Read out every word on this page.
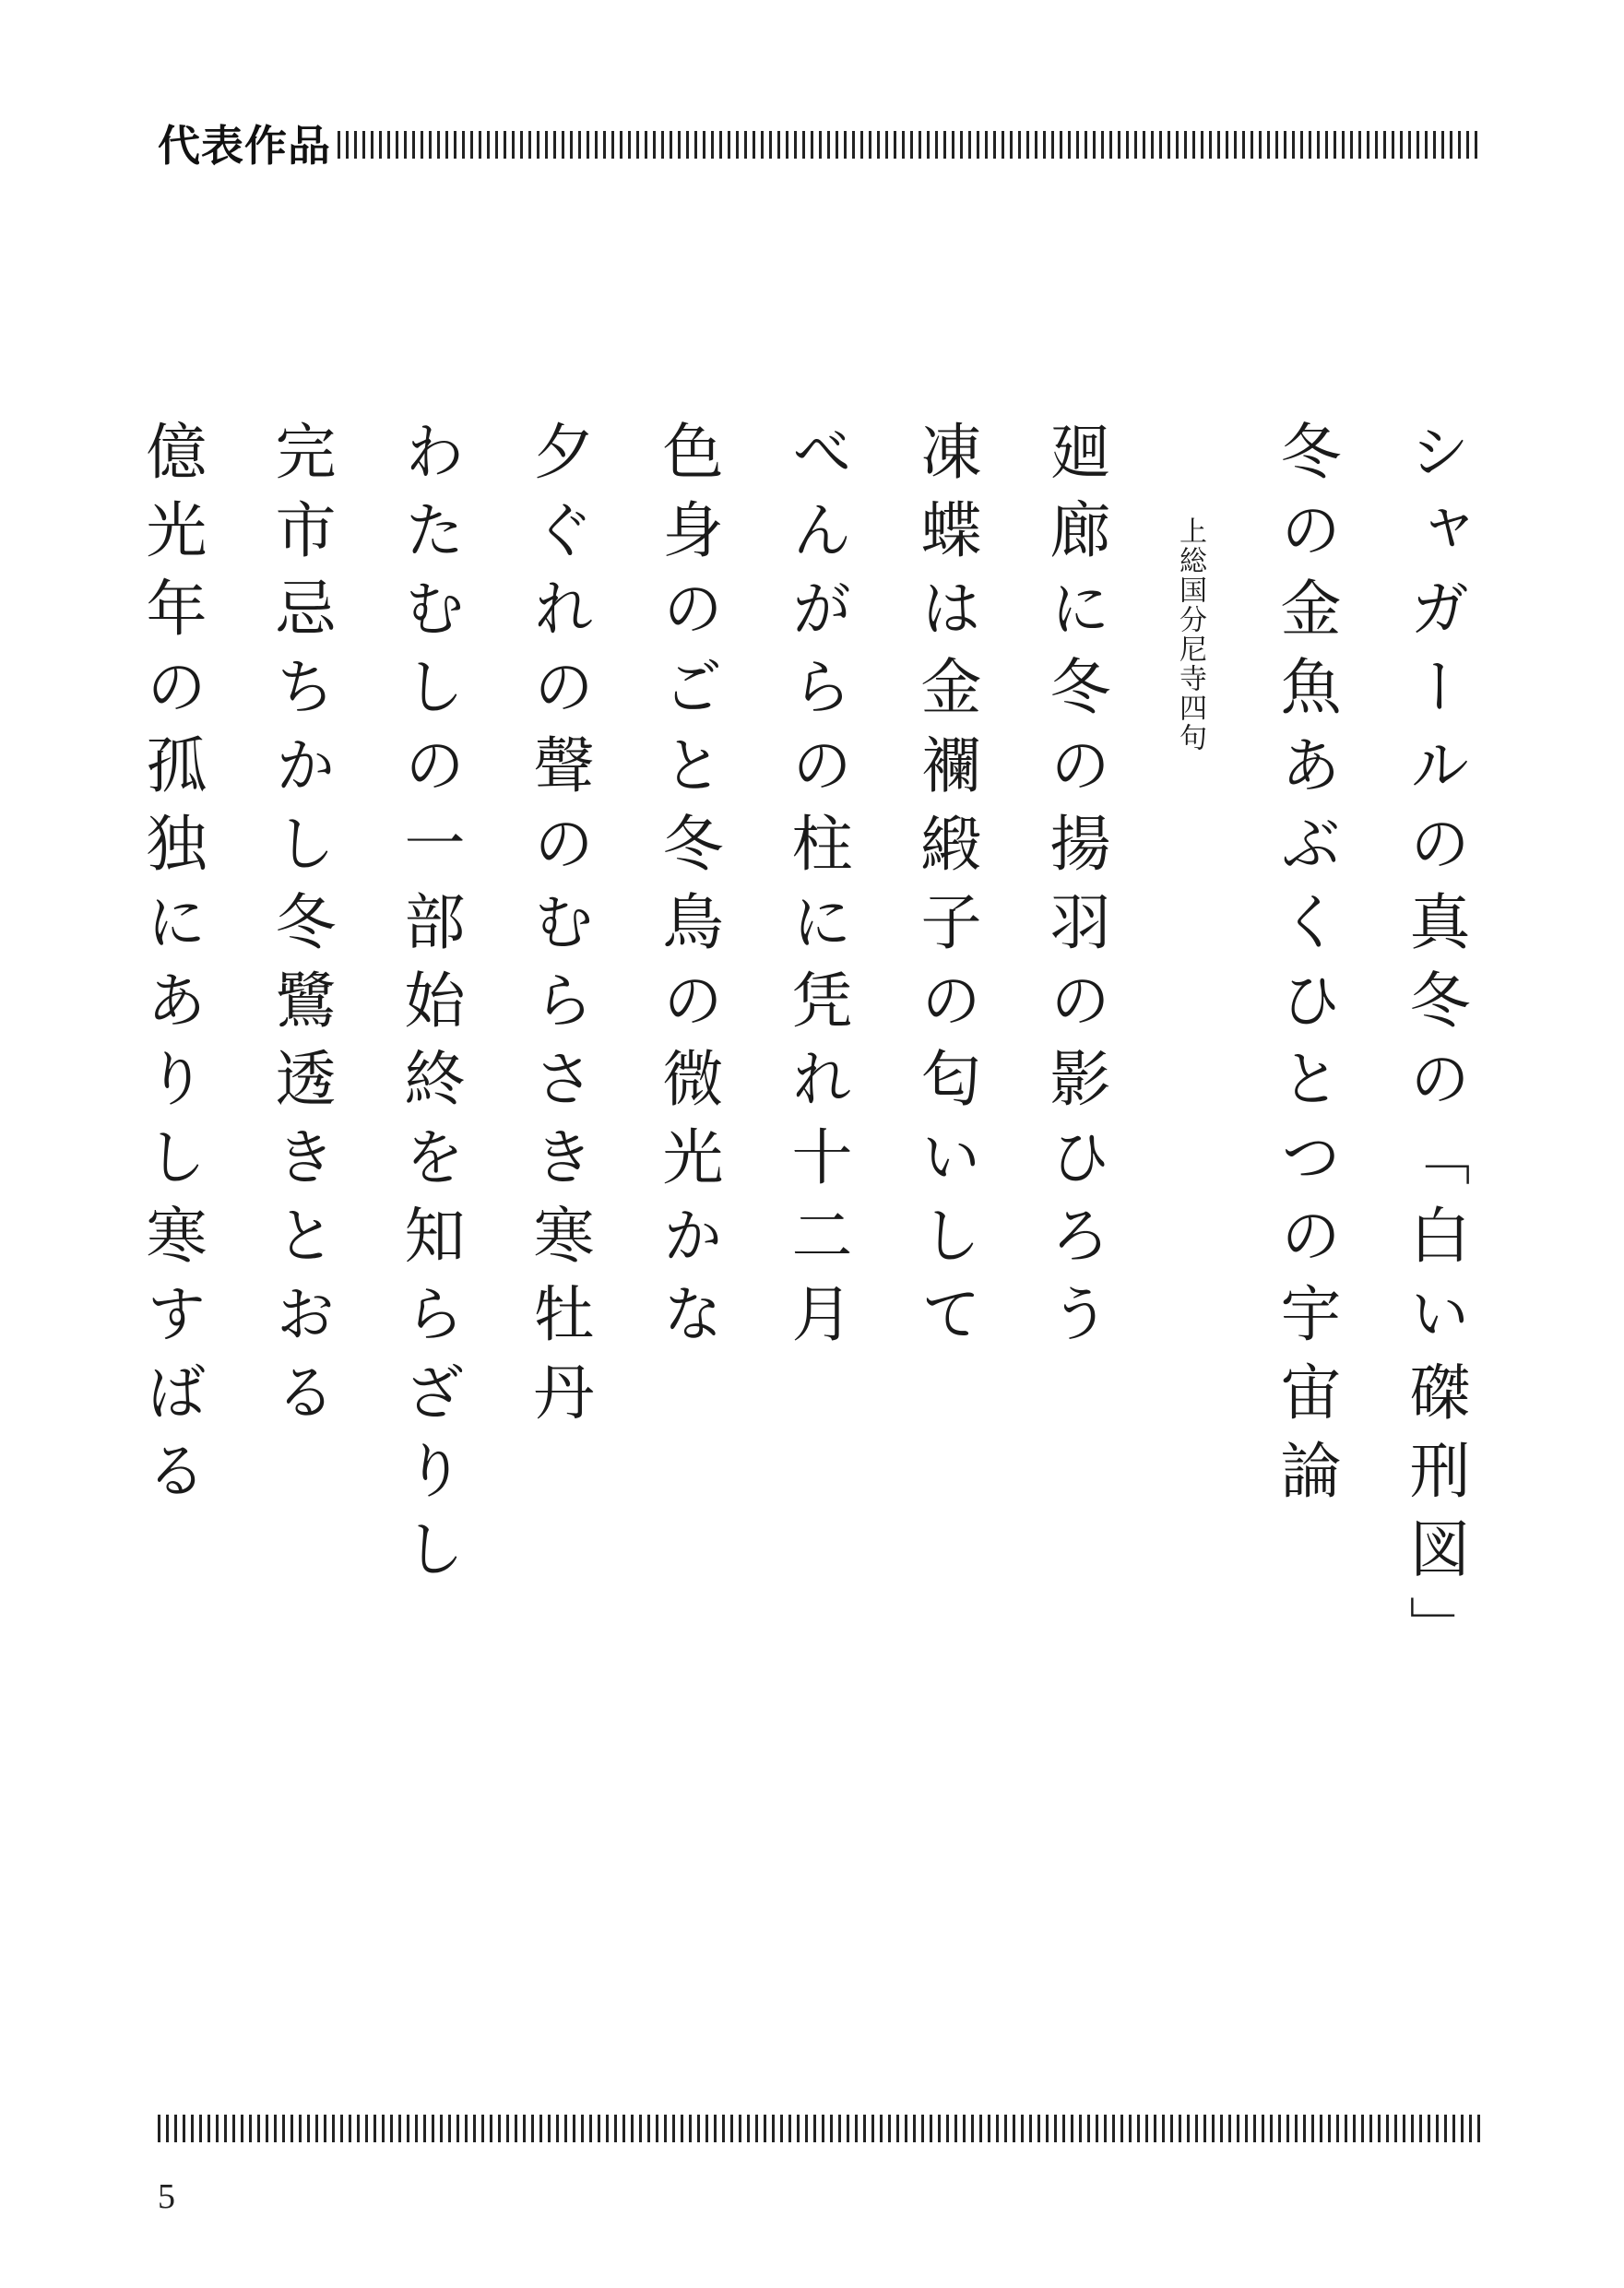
代表作品
シャガールの真冬の「白い磔刑図」
冬の金魚あぶくひとつの宇宙論
上総国分尼寺四句
廻廊に冬の揚羽の影ひろう
凍蝶は金襴緞子の匂いして
べんがらの柱に凭れ十二月
色身のごと冬鳥の微光かな
夕ぐれの聲のむらさき寒牡丹
わたむしの一部始終を知らざりし
完市忌ちかし冬鷺透きとおる
億光年の孤独にありし寒すばる
5
